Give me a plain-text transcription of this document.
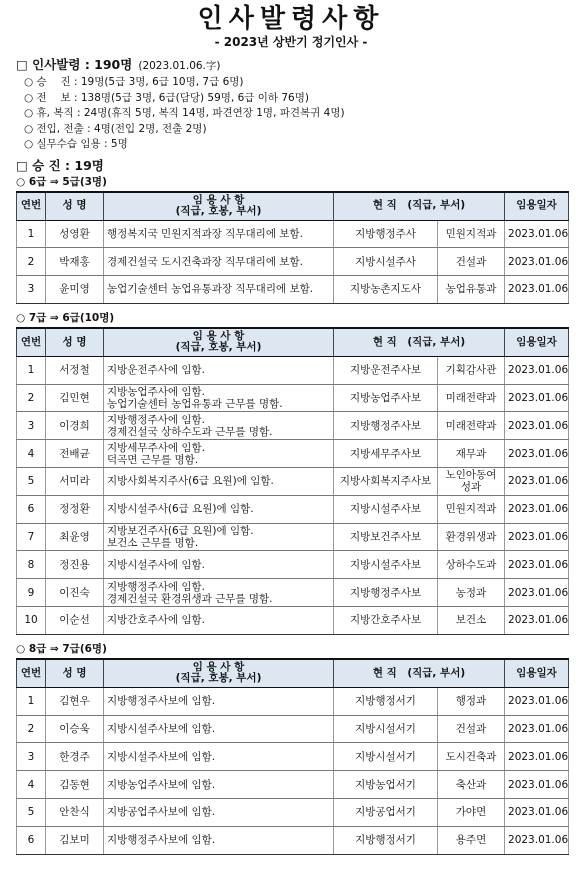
인사발령사항
- 2023년 상반기 정기인사 -
□ 인사발령 : 190명 (2023.01.06.字)
○ 승　 진 : 19명(5급 3명, 6급 10명, 7급 6명)
○ 전　 보 : 138명(5급 3명, 6급(담당) 59명, 6급 이하 76명)
○ 휴, 복직 : 24명(휴직 5명, 복직 14명, 파견연장 1명, 파견복귀 4명)
○ 전입, 전출 : 4명(전입 2명, 전출 2명)
○ 실무수습 임용 : 5명
□ 승 진 : 19명
○ 6급 ⇒ 5급(3명)
연번	성 명	임 용 사 항
(직급, 호봉, 부서)	현 직　(직급, 부서)		임용일자
1	성영환	행정복지국 민원지적과장 직무대리에 보함.	지방행정주사	민원지적과	2023.01.06
2	박재홍	경제건설국 도시건축과장 직무대리에 보함.	지방시설주사	건설과	2023.01.06
3	윤미영	농업기술센터 농업유통과장 직무대리에 보함.	지방농촌지도사	농업유통과	2023.01.06
○ 7급 ⇒ 6급(10명)
연번	성 명	임 용 사 항
(직급, 호봉, 부서)	현 직　(직급, 부서)		임용일자
1	서정철	지방운전주사에 임함.	지방운전주사보	기획감사관	2023.01.06
2	김민현	지방농업주사에 임함.
농업기술센터 농업유통과 근무를 명함.	지방농업주사보	미래전략과	2023.01.06
3	이경희	지방행정주사에 임함.
경제건설국 상하수도과 근무를 명함.	지방행정주사보	미래전략과	2023.01.06
4	전배균	지방세무주사에 임함.
덕곡면 근무를 명함.	지방세무주사보	재무과	2023.01.06
5	서미라	지방사회복지주사(6급 요원)에 임함.	지방사회복지주사보	노인아동여성과	2023.01.06
6	정정환	지방시설주사(6급 요원)에 임함.	지방시설주사보	민원지적과	2023.01.06
7	최윤영	지방보건주사(6급 요원)에 임함.
보건소 근무를 명함.	지방보건주사보	환경위생과	2023.01.06
8	정진용	지방시설주사에 임함.	지방시설주사보	상하수도과	2023.01.06
9	이진숙	지방행정주사에 임함.
경제건설국 환경위생과 근무를 명함.	지방행정주사보	농정과	2023.01.06
10	이순선	지방간호주사에 임함.	지방간호주사보	보건소	2023.01.06
○ 8급 ⇒ 7급(6명)
연번	성 명	임 용 사 항
(직급, 호봉, 부서)	현 직　(직급, 부서)		임용일자
1	김현우	지방행정주사보에 임함.	지방행정서기	행정과	2023.01.06
2	이승욱	지방시설주사보에 임함.	지방시설서기	건설과	2023.01.06
3	한경주	지방시설주사보에 임함.	지방시설서기	도시건축과	2023.01.06
4	김동현	지방농업주사보에 임함.	지방농업서기	축산과	2023.01.06
5	안찬식	지방공업주사보에 임함.	지방공업서기	가야면	2023.01.06
6	김보미	지방행정주사보에 임함.	지방행정서기	용주면	2023.01.06
